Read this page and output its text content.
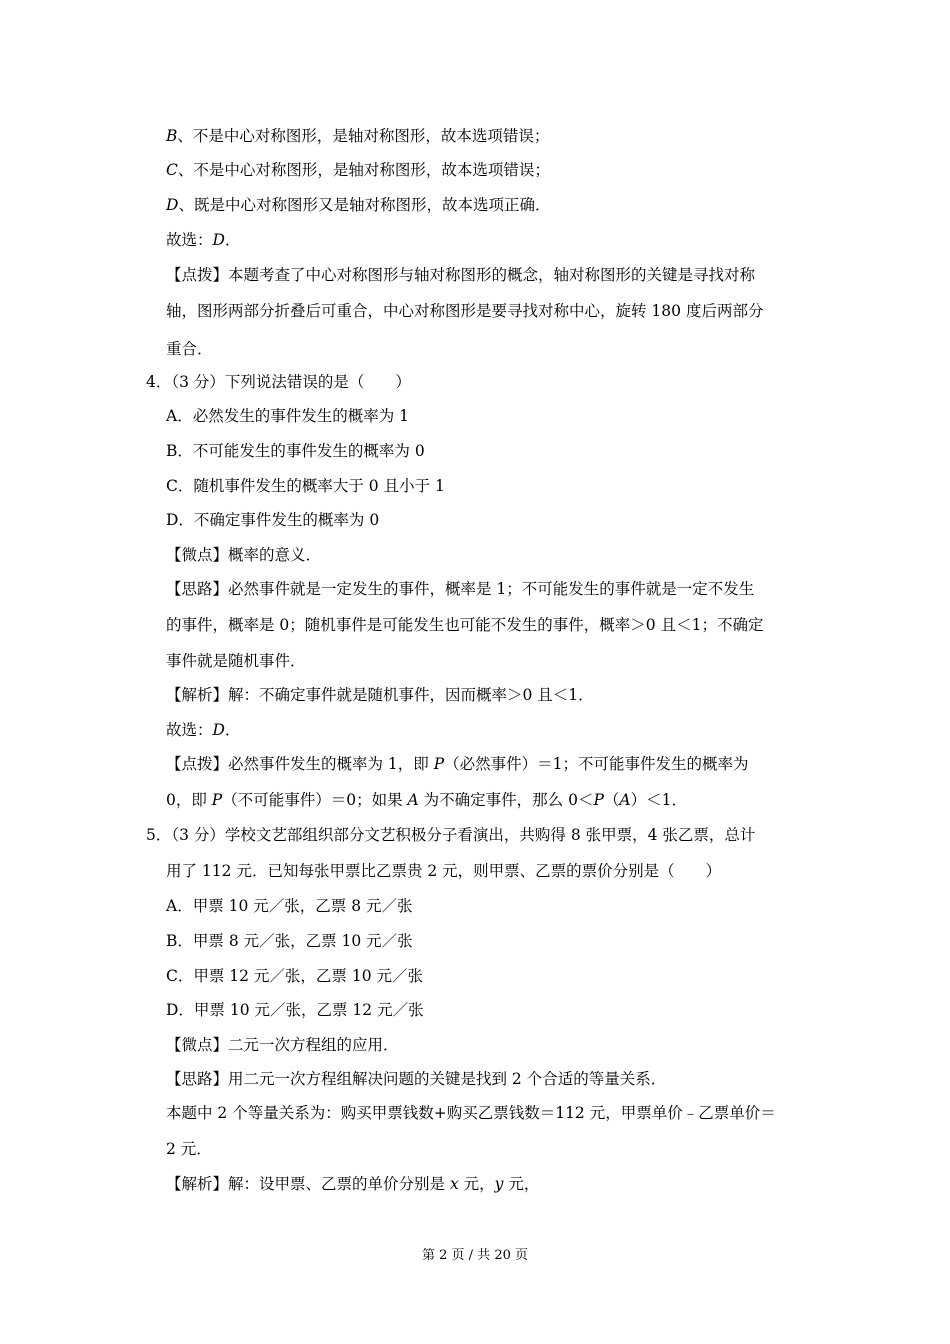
B、不是中心对称图形，是轴对称图形，故本选项错误；
C、不是中心对称图形，是轴对称图形，故本选项错误；
D、既是中心对称图形又是轴对称图形，故本选项正确．
故选：D．
【点拨】本题考查了中心对称图形与轴对称图形的概念，轴对称图形的关键是寻找对称
轴，图形两部分折叠后可重合，中心对称图形是要寻找对称中心，旋转 180 度后两部分
重合．
4．（3 分）下列说法错误的是（　　）
A．必然发生的事件发生的概率为 1
B．不可能发生的事件发生的概率为 0
C．随机事件发生的概率大于 0 且小于 1
D．不确定事件发生的概率为 0
【微点】概率的意义．
【思路】必然事件就是一定发生的事件，概率是 1；不可能发生的事件就是一定不发生
的事件，概率是 0；随机事件是可能发生也可能不发生的事件，概率＞0 且＜1；不确定
事件就是随机事件．
【解析】解：不确定事件就是随机事件，因而概率＞0 且＜1．
故选：D．
【点拨】必然事件发生的概率为 1，即 P（必然事件）＝1；不可能事件发生的概率为
0，即 P（不可能事件）＝0；如果 A 为不确定事件，那么 0＜P（A）＜1．
5．（3 分）学校文艺部组织部分文艺积极分子看演出，共购得 8 张甲票，4 张乙票，总计
用了 112 元．已知每张甲票比乙票贵 2 元，则甲票、乙票的票价分别是（　　）
A．甲票 10 元／张，乙票 8 元／张
B．甲票 8 元／张，乙票 10 元／张
C．甲票 12 元／张，乙票 10 元／张
D．甲票 10 元／张，乙票 12 元／张
【微点】二元一次方程组的应用．
【思路】用二元一次方程组解决问题的关键是找到 2 个合适的等量关系．
本题中 2 个等量关系为：购买甲票钱数+购买乙票钱数＝112 元，甲票单价﹣乙票单价＝
2 元．
【解析】解：设甲票、乙票的单价分别是 x 元，y 元，
第 2 页 / 共 20 页
